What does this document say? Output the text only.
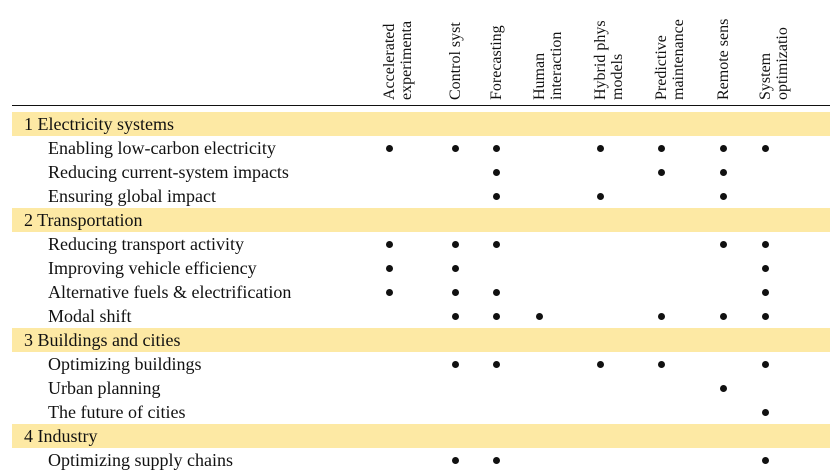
Accelerated experimenta Control syst Forecasting Human interaction Hybrid phys models Predictive maintenance Remote sens System optimizatio
1 Electricity systems
Enabling low-carbon electricity
Reducing current-system impacts
Ensuring global impact
2 Transportation
Reducing transport activity
Improving vehicle efficiency
Alternative fuels & electrification
Modal shift
3 Buildings and cities
Optimizing buildings
Urban planning
The future of cities
4 Industry
Optimizing supply chains
